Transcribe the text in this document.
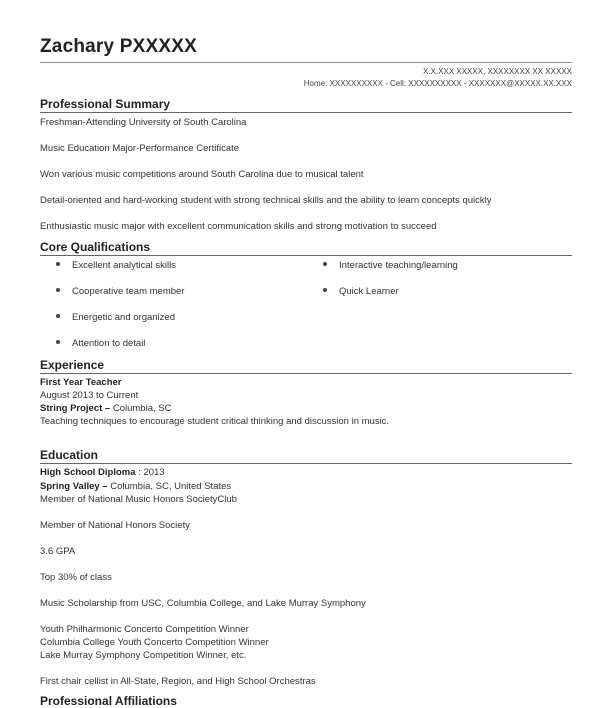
Zachary PXXXXX
X.X.XXX XXXXX, XXXXXXXX XX XXXXX
Home: XXXXXXXXXX - Cell: XXXXXXXXXX - XXXXXXX@XXXXX.XX.XXX
Professional Summary
Freshman-Attending University of South Carolina
Music Education Major-Performance Certificate
Won various music competitions around South Carolina due to musical talent
Detail-oriented and hard-working student with strong technical skills and the ability to learn concepts quickly
Enthusiastic music major with excellent communication skills and strong motivation to succeed
Core Qualifications
Excellent analytical skills
Cooperative team member
Energetic and organized
Attention to detail
Interactive teaching/learning
Quick Learner
Experience
First Year Teacher
August 2013 to Current
String Project – Columbia, SC
Teaching techniques to encourage student critical thinking and discussion in music.
Education
High School Diploma : 2013
Spring Valley – Columbia, SC, United States
Member of National Music Honors SocietyClub
Member of National Honors Society
3.6 GPA
Top 30% of class
Music Scholarship from USC, Columbia College, and Lake Murray Symphony
Youth Philharmonic Concerto Competition Winner
Columbia College Youth Concerto Competition Winner
Lake Murray Symphony Competition Winner, etc.
First chair cellist in All-State, Region, and High School Orchestras
Professional Affiliations
